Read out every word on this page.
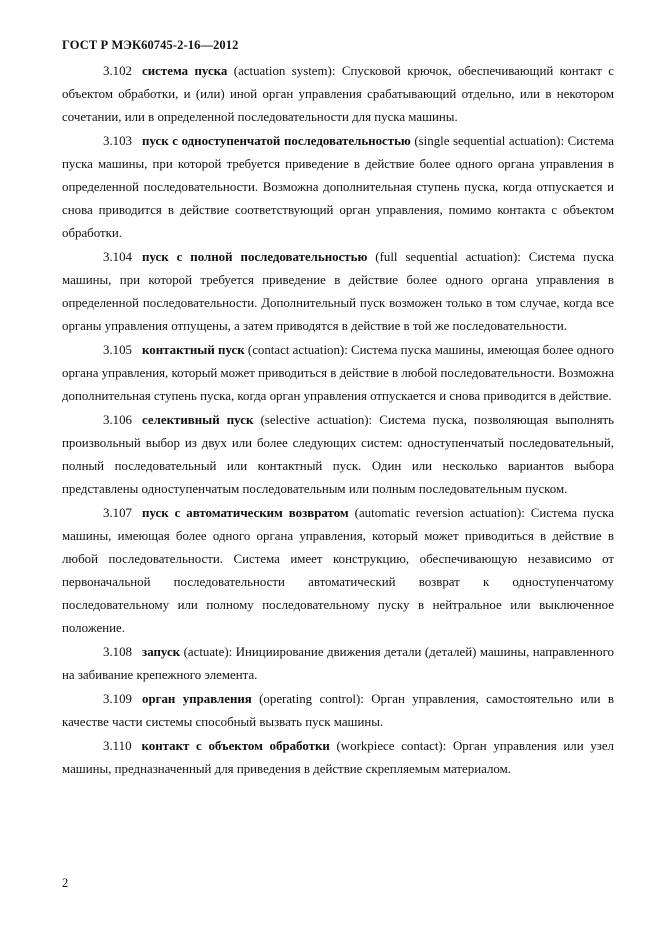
ГОСТ Р МЭК60745-2-16—2012

3.102 система пуска (actuation system): Спусковой крючок, обеспечивающий контакт с объектом обработки, и (или) иной орган управления срабатывающий отдельно, или в некотором сочетании, или в определенной последовательности для пуска машины.

3.103 пуск с одноступенчатой последовательностью (single sequential actuation): Система пуска машины, при которой требуется приведение в действие более одного органа управления в определенной последовательности. Возможна дополнительная ступень пуска, когда отпускается и снова приводится в действие соответствующий орган управления, помимо контакта с объектом обработки.

3.104 пуск с полной последовательностью (full sequential actuation): Система пуска машины, при которой требуется приведение в действие более одного органа управления в определенной последовательности. Дополнительный пуск возможен только в том случае, когда все органы управления отпущены, а затем приводятся в действие в той же последовательности.

3.105 контактный пуск (contact actuation): Система пуска машины, имеющая более одного органа управления, который может приводиться в действие в любой последовательности. Возможна дополнительная ступень пуска, когда орган управления отпускается и снова приводится в действие.

3.106 селективный пуск (selective actuation): Система пуска, позволяющая выполнять произвольный выбор из двух или более следующих систем: одноступенчатый последовательный, полный последовательный или контактный пуск. Один или несколько вариантов выбора представлены одноступенчатым последовательным или полным последовательным пуском.

3.107 пуск с автоматическим возвратом (automatic reversion actuation): Система пуска машины, имеющая более одного органа управления, который может приводиться в действие в любой последовательности. Система имеет конструкцию, обеспечивающую независимо от первоначальной последовательности автоматический возврат к одноступенчатому последовательному или полному последовательному пуску в нейтральное или выключенное положение.

3.108 запуск (actuate): Инициирование движения детали (деталей) машины, направленного на забивание крепежного элемента.

3.109 орган управления (operating control): Орган управления, самостоятельно или в качестве части системы способный вызвать пуск машины.

3.110 контакт с объектом обработки (workpiece contact): Орган управления или узел машины, предназначенный для приведения в действие скрепляемым материалом.

2
